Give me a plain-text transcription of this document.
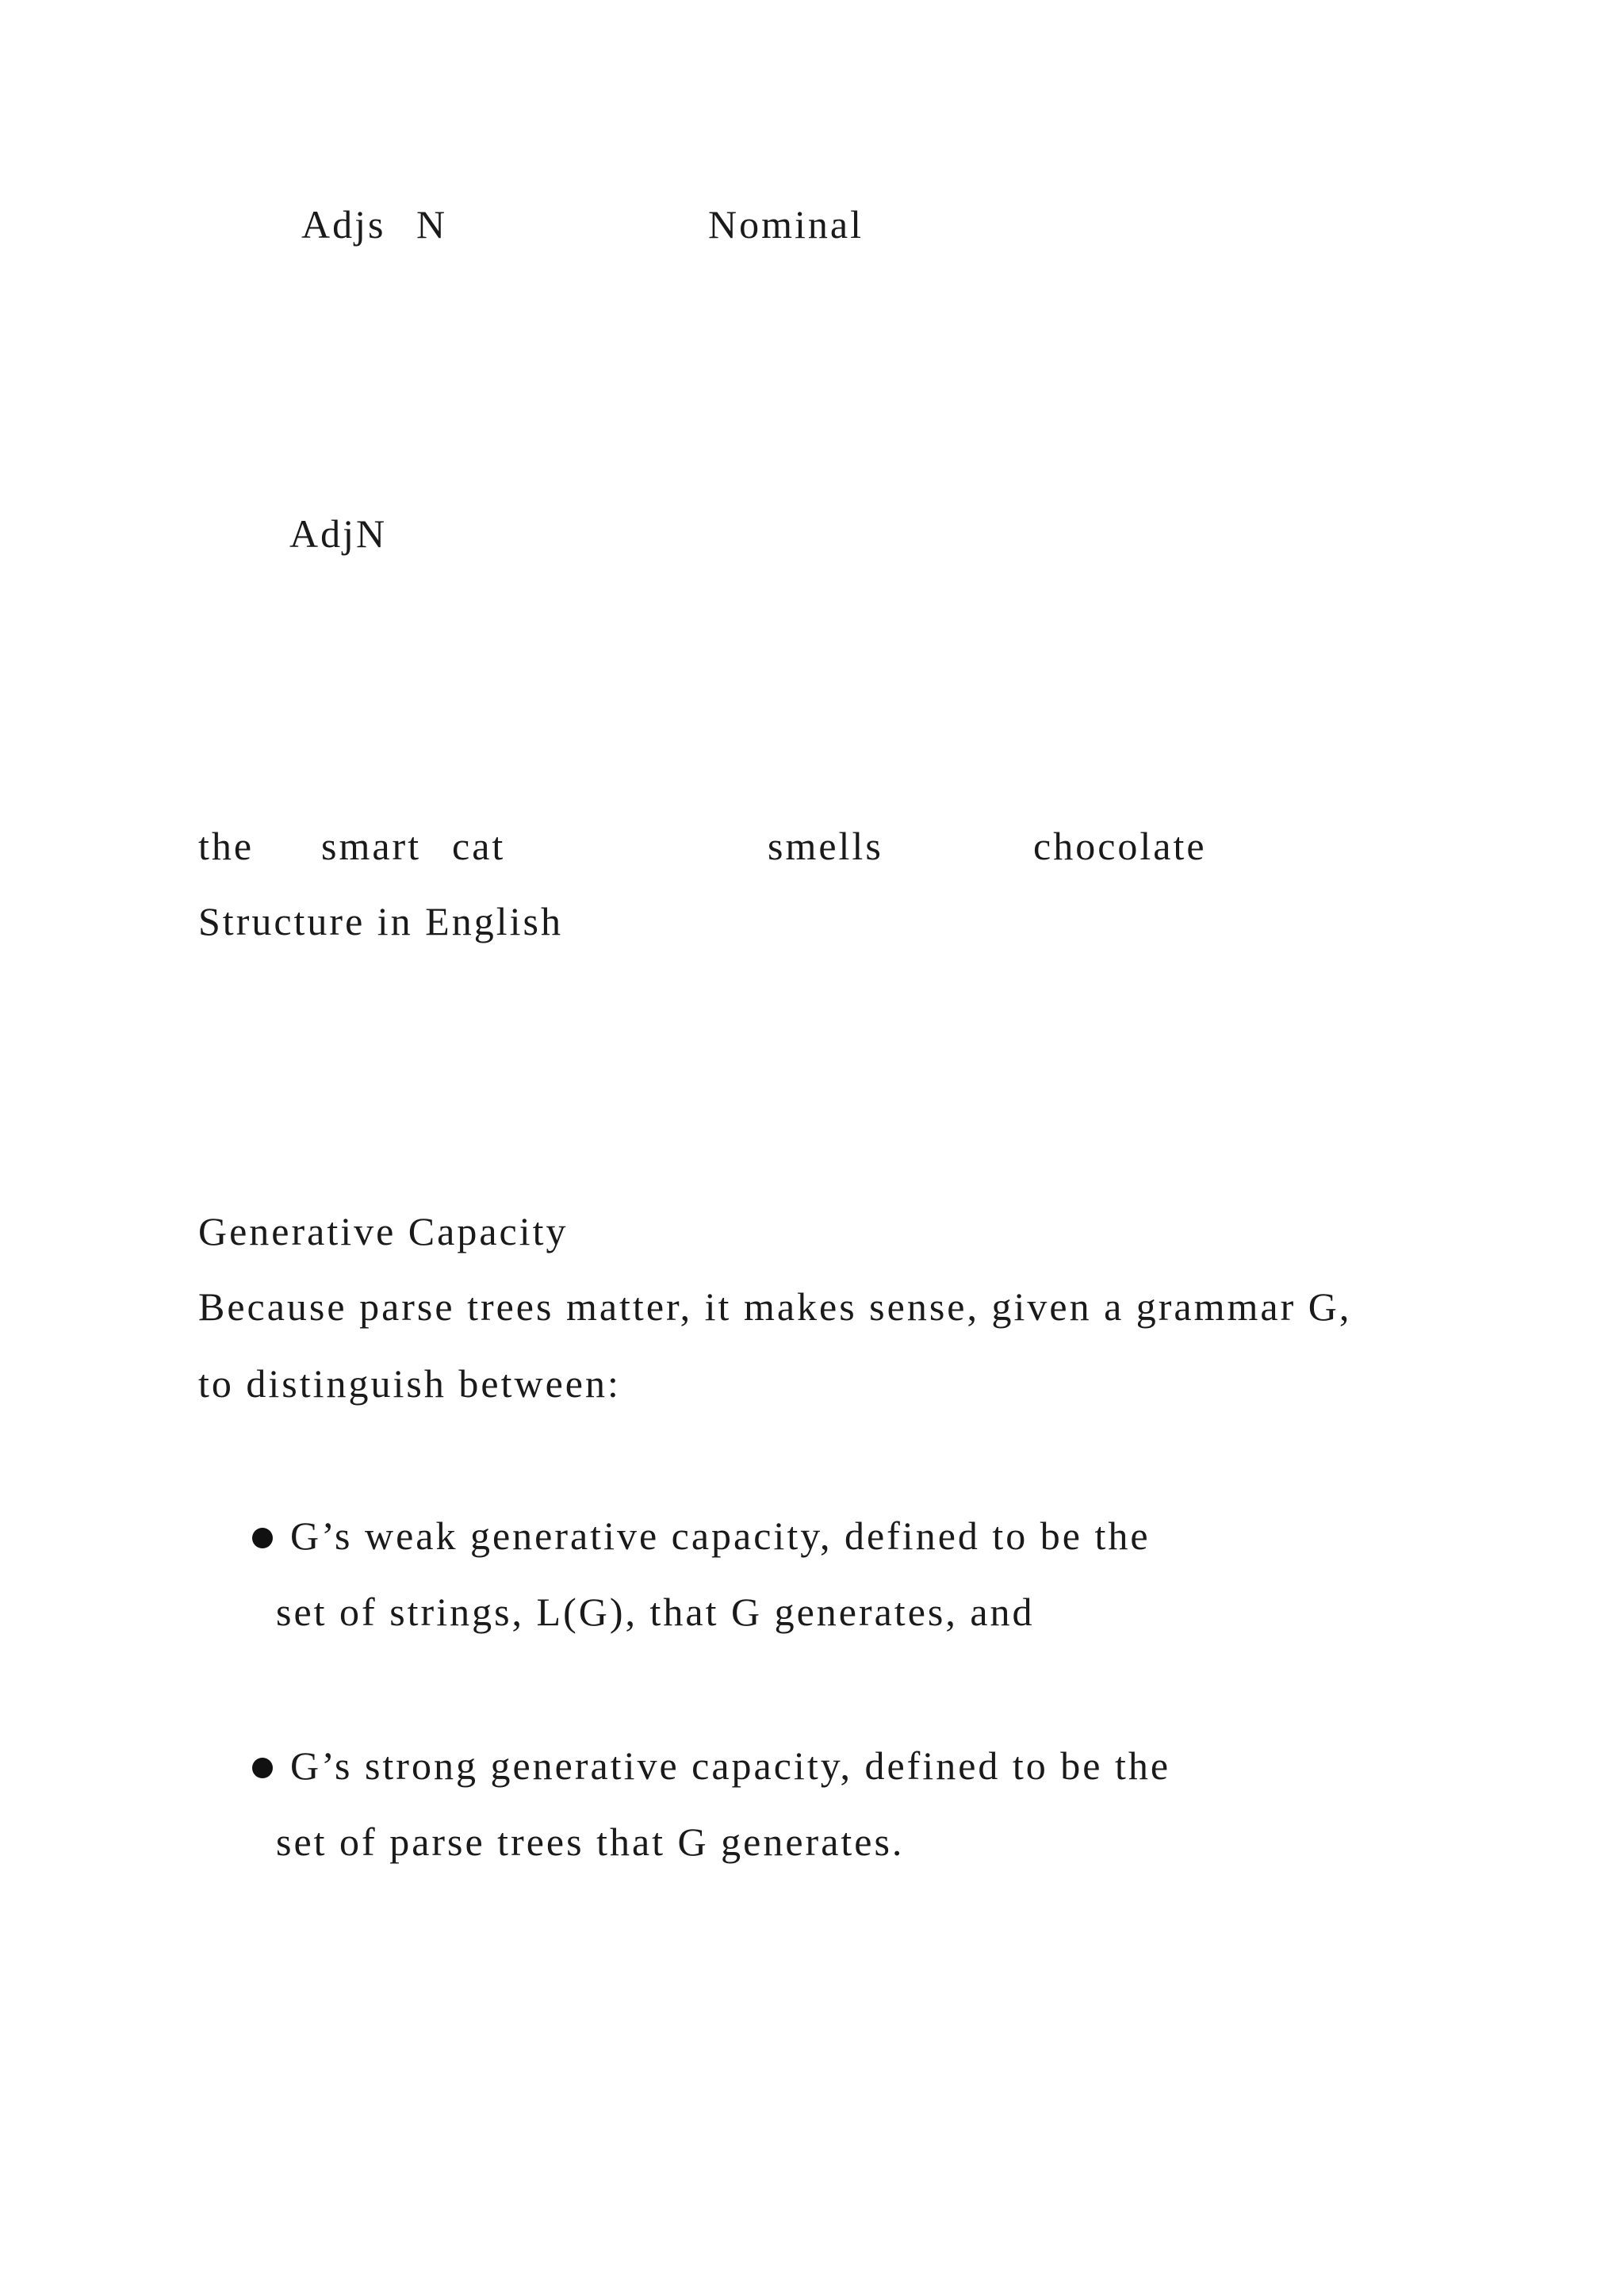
Adjs N	Nominal
AdjN
the smart cat	smells	chocolate
Structure in English
Generative Capacity
Because parse trees matter, it makes sense, given a grammar G,
to distinguish between:
G’s weak generative capacity, defined to be the
set of strings, L(G), that G generates, and
G’s strong generative capacity, defined to be the
set of parse trees that G generates.
